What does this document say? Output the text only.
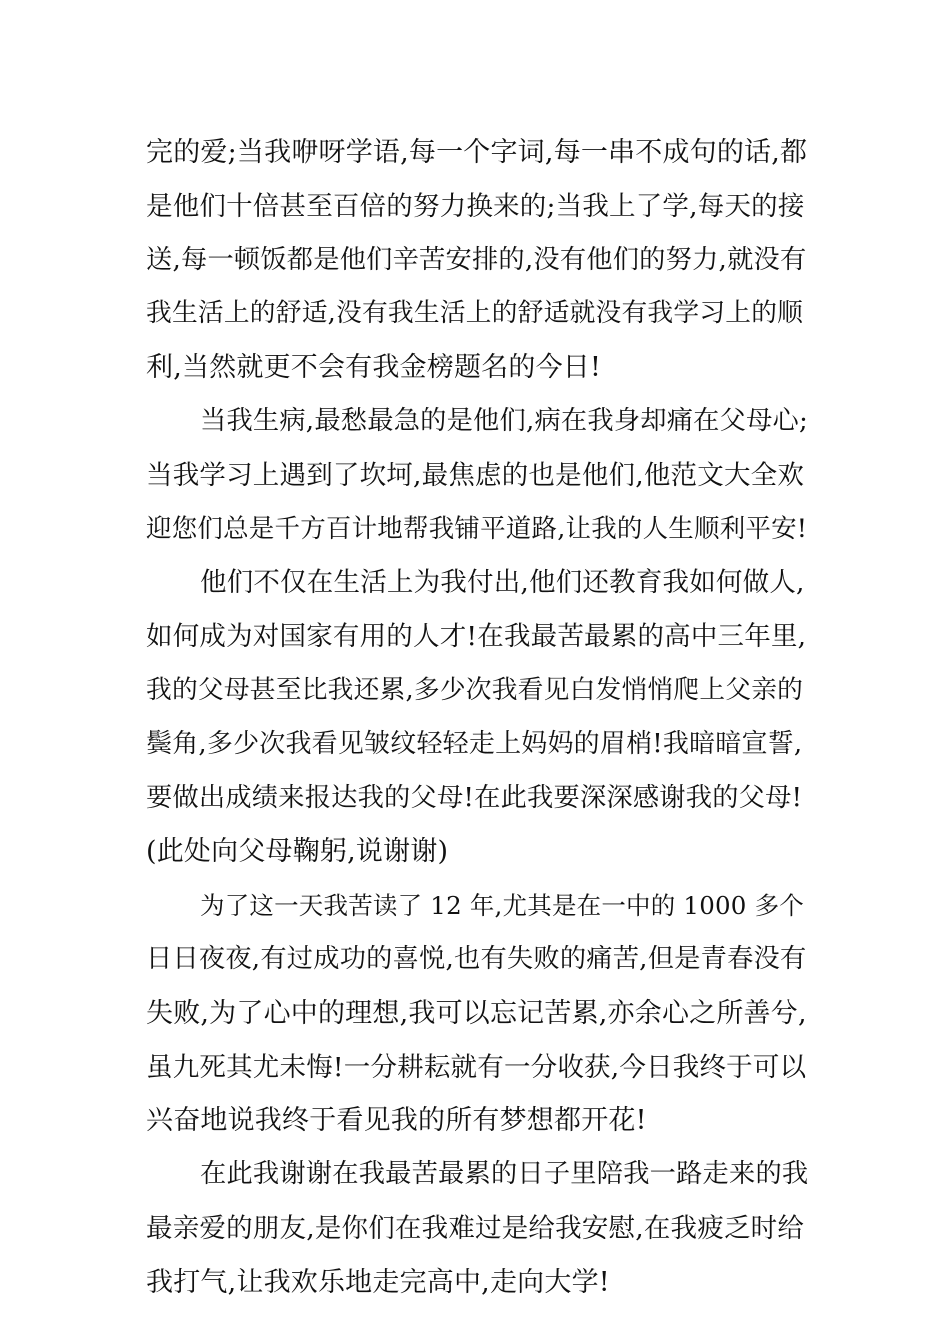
完的爱;当我咿呀学语,每一个字词,每一串不成句的话,都
是他们十倍甚至百倍的努力换来的;当我上了学,每天的接
送,每一顿饭都是他们辛苦安排的,没有他们的努力,就没有
我生活上的舒适,没有我生活上的舒适就没有我学习上的顺
利,当然就更不会有我金榜题名的今日!
当我生病,最愁最急的是他们,病在我身却痛在父母心;
当我学习上遇到了坎坷,最焦虑的也是他们,他范文大全欢
迎您们总是千方百计地帮我铺平道路,让我的人生顺利平安!
他们不仅在生活上为我付出,他们还教育我如何做人,
如何成为对国家有用的人才!在我最苦最累的高中三年里,
我的父母甚至比我还累,多少次我看见白发悄悄爬上父亲的
鬓角,多少次我看见皱纹轻轻走上妈妈的眉梢!我暗暗宣誓,
要做出成绩来报达我的父母!在此我要深深感谢我的父母!
(此处向父母鞠躬,说谢谢)
为了这一天我苦读了 12 年,尤其是在一中的 1000 多个
日日夜夜,有过成功的喜悦,也有失败的痛苦,但是青春没有
失败,为了心中的理想,我可以忘记苦累,亦余心之所善兮,
虽九死其尤未悔!一分耕耘就有一分收获,今日我终于可以
兴奋地说我终于看见我的所有梦想都开花!
在此我谢谢在我最苦最累的日子里陪我一路走来的我
最亲爱的朋友,是你们在我难过是给我安慰,在我疲乏时给
我打气,让我欢乐地走完高中,走向大学!
